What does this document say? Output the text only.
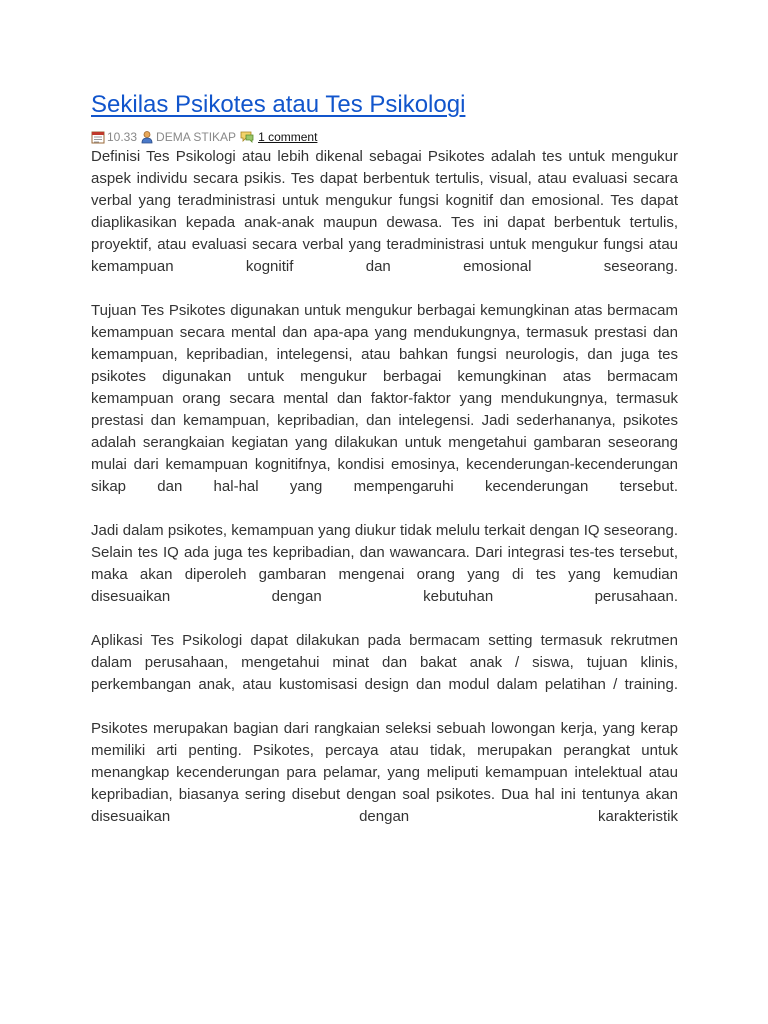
Sekilas Psikotes atau Tes Psikologi
10.33 DEMA STIKAP 1 comment

Definisi Tes Psikologi atau lebih dikenal sebagai Psikotes adalah tes untuk mengukur aspek individu secara psikis. Tes dapat berbentuk tertulis, visual, atau evaluasi secara verbal yang teradministrasi untuk mengukur fungsi kognitif dan emosional. Tes dapat diaplikasikan kepada anak-anak maupun dewasa. Tes ini dapat berbentuk tertulis, proyektif, atau evaluasi secara verbal yang teradministrasi untuk mengukur fungsi atau kemampuan kognitif dan emosional seseorang.

Tujuan Tes Psikotes digunakan untuk mengukur berbagai kemungkinan atas bermacam kemampuan secara mental dan apa-apa yang mendukungnya, termasuk prestasi dan kemampuan, kepribadian, intelegensi, atau bahkan fungsi neurologis, dan juga tes psikotes digunakan untuk mengukur berbagai kemungkinan atas bermacam kemampuan orang secara mental dan faktor-faktor yang mendukungnya, termasuk prestasi dan kemampuan, kepribadian, dan intelegensi. Jadi sederhananya, psikotes adalah serangkaian kegiatan yang dilakukan untuk mengetahui gambaran seseorang mulai dari kemampuan kognitifnya, kondisi emosinya, kecenderungan-kecenderungan sikap dan hal-hal yang mempengaruhi kecenderungan tersebut.

Jadi dalam psikotes, kemampuan yang diukur tidak melulu terkait dengan IQ seseorang. Selain tes IQ ada juga tes kepribadian, dan wawancara. Dari integrasi tes-tes tersebut, maka akan diperoleh gambaran mengenai orang yang di tes yang kemudian disesuaikan dengan kebutuhan perusahaan.

Aplikasi Tes Psikologi dapat dilakukan pada bermacam setting termasuk rekrutmen dalam perusahaan, mengetahui minat dan bakat anak / siswa, tujuan klinis, perkembangan anak, atau kustomisasi design dan modul dalam pelatihan / training.

Psikotes merupakan bagian dari rangkaian seleksi sebuah lowongan kerja, yang kerap memiliki arti penting. Psikotes, percaya atau tidak, merupakan perangkat untuk menangkap kecenderungan para pelamar, yang meliputi kemampuan intelektual atau kepribadian, biasanya sering disebut dengan soal psikotes. Dua hal ini tentunya akan disesuaikan dengan karakteristik
